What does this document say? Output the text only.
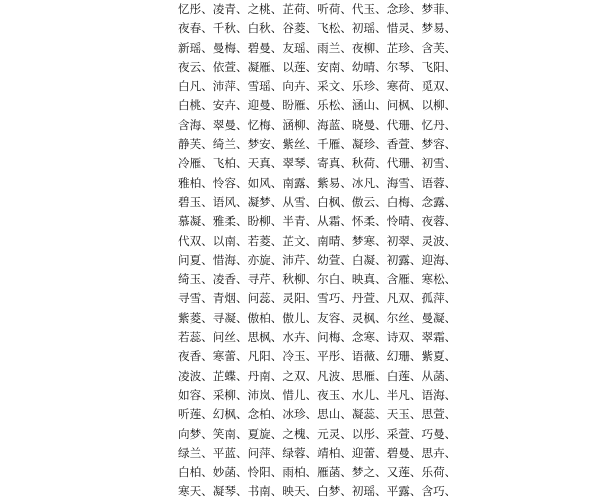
忆彤、凌青、之桃、芷荷、听荷、代玉、念珍、梦菲、
夜春、千秋、白秋、谷菱、飞松、初瑶、惜灵、梦易、
新瑶、曼梅、碧曼、友瑶、雨兰、夜柳、芷珍、含芙、
夜云、依萱、凝雁、以莲、安南、幼晴、尔琴、飞阳、
白凡、沛萍、雪瑶、向卉、采文、乐珍、寒荷、觅双、
白桃、安卉、迎曼、盼雁、乐松、涵山、问枫、以柳、
含海、翠曼、忆梅、涵柳、海蓝、晓曼、代珊、忆丹、
静芙、绮兰、梦安、紫丝、千雁、凝珍、香萱、梦容、
冷雁、飞柏、天真、翠琴、寄真、秋荷、代珊、初雪、
雅柏、怜容、如风、南露、紫易、冰凡、海雪、语蓉、
碧玉、语风、凝梦、从雪、白枫、傲云、白梅、念露、
慕凝、雅柔、盼柳、半青、从霜、怀柔、怜晴、夜蓉、
代双、以南、若菱、芷文、南晴、梦寒、初翠、灵波、
问夏、惜海、亦旋、沛芹、幼萱、白凝、初露、迎海、
绮玉、凌香、寻芹、秋柳、尔白、映真、含雁、寒松、
寻雪、青烟、问蕊、灵阳、雪巧、丹萱、凡双、孤萍、
紫菱、寻凝、傲柏、傲儿、友容、灵枫、尔丝、曼凝、
若蕊、问丝、思枫、水卉、问梅、念寒、诗双、翠霜、
夜香、寒蕾、凡阳、冷玉、平彤、语薇、幻珊、紫夏、
凌波、芷蝶、丹南、之双、凡波、思雁、白莲、从菡、
如容、采柳、沛岚、惜儿、夜玉、水儿、半凡、语海、
听莲、幻枫、念柏、冰珍、思山、凝蕊、天玉、思萱、
向梦、笑南、夏旋、之槐、元灵、以彤、采萱、巧曼、
绿兰、平蓝、问萍、绿蓉、靖柏、迎蕾、碧曼、思卉、
白柏、妙菡、怜阳、雨柏、雁菡、梦之、又莲、乐荷、
寒天、凝琴、书南、映天、白梦、初瑶、平露、含巧、
